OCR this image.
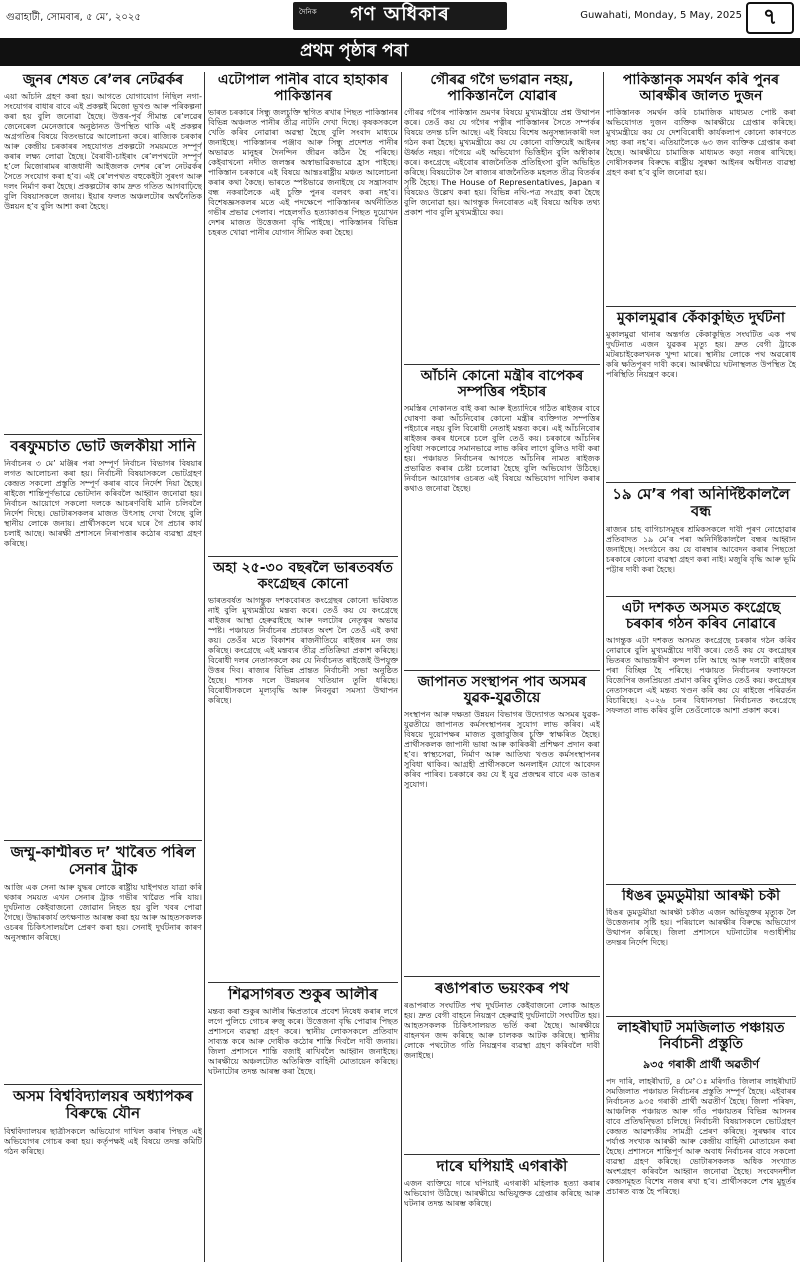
গুৱাহাটী, সোমবাৰ, ৫ মে’, ২০২৫	দৈনিক গণ অধিকাৰ	Guwahati, Monday, 5 May, 2025 ৭
প্ৰথম পৃষ্ঠাৰ পৰা
জুনৰ শেষত ৰে’লৰ নেটৱৰ্কৰ
এয়া আঁচনি গ্ৰহণ কৰা হয়। আগতে যোগাযোগ নিছিল নগা-সংযোগৰ বাধাৰ বাবে এই প্ৰকল্পই মিজো ভূখণ্ড আৰু পৰিকল্পনা কৰা হয় বুলি জনোৱা হৈছে। উত্তৰ-পূৰ্ব সীমান্ত ৰে’লৱেৰ জেনেৰেল মেনেজাৰে অনুষ্ঠানত উপস্থিত থাকি এই প্ৰকল্পৰ অগ্ৰগতিৰ বিষয়ে বিতংভাৱে আলোচনা কৰে। ৰাজ্যিক চৰকাৰ আৰু কেন্দ্ৰীয় চৰকাৰৰ সহযোগত প্ৰকল্পটো সময়মতে সম্পূৰ্ণ কৰাৰ লক্ষ্য লোৱা হৈছে। বৈৰাবী-চাইৰাং ৰে’লপথটো সম্পূৰ্ণ হ’লে মিজোৰামৰ ৰাজধানী আইজলক দেশৰ ৰে’ল নেটৱৰ্কৰ সৈতে সংযোগ কৰা হ’ব। এই ৰে’লপথত বহুকেইটা সুৰংগ আৰু দলং নিৰ্মাণ কৰা হৈছে। প্ৰকল্পটোৰ কাম দ্ৰুত গতিত আগবাঢ়িছে বুলি বিষয়াসকলে জনায়। ইয়াৰ ফলত অঞ্চলটোৰ অৰ্থনৈতিক উন্নয়ন হ’ব বুলি আশা কৰা হৈছে।
বৰফুমচাত ভোট জলকীয়া সানি
নিৰ্বাচনৰ ৩ মে’ মঞ্জিৰ পৰা সম্পূৰ্ণ নিৰ্বাচন বিভাগৰ বিষয়াৰ লগত আলোচনা কৰা হয়। নিৰ্বাচনী বিষয়াসকলে ভোটগ্ৰহণ কেন্দ্ৰত সকলো প্ৰস্তুতি সম্পূৰ্ণ কৰাৰ বাবে নিৰ্দেশ দিয়া হৈছে। ৰাইজে শান্তিপূৰ্ণভাৱে ভোটদান কৰিবলৈ আহ্বান জনোৱা হয়। নিৰ্বাচন আয়োগে সকলো দলকে আচৰণবিধি মানি চলিবলৈ নিৰ্দেশ দিছে। ভোটাৰসকলৰ মাজত উৎসাহ দেখা গৈছে বুলি স্থানীয় লোকে জনায়। প্ৰাৰ্থীসকলে ঘৰে ঘৰে গৈ প্ৰচাৰ কাৰ্য চলাই আছে। আৰক্ষী প্ৰশাসনে নিৰাপত্তাৰ কঠোৰ ব্যৱস্থা গ্ৰহণ কৰিছে।
জম্মু-কাশ্মীৰত দ’ খাৰৈত পৰিল সেনাৰ ট্ৰাক
আজি এক সেনা আৰু যুদ্ধৰ লোকে ৰাষ্ট্ৰীয় ঘাইপথত যাত্ৰা কৰি থকাৰ সময়ত এখন সেনাৰ ট্ৰাক গভীৰ খাৱৈত পৰি যায়। দুৰ্ঘটনাত কেইবাজনো জোৱান নিহত হয় বুলি খবৰ পোৱা গৈছে। উদ্ধাৰকাৰ্য তৎক্ষণাত আৰম্ভ কৰা হয় আৰু আহতসকলক ওচৰৰ চিকিৎসালয়লৈ প্ৰেৰণ কৰা হয়। সেনাই দুৰ্ঘটনাৰ কাৰণ অনুসন্ধান কৰিছে।
অসম বিশ্ববিদ্যালয়ৰ অধ্যাপকৰ বিৰুদ্ধে যৌন
বিশ্ববিদ্যালয়ৰ ছাত্ৰীসকলে অভিযোগ দাখিল কৰাৰ পিছত এই অভিযোগৰ গোচৰ কৰা হয়। কৰ্তৃপক্ষই এই বিষয়ে তদন্ত কমিটি গঠন কৰিছে।
এটোপাল পানীৰ বাবে হাহাকাৰ পাকিস্তানৰ
ভাৰত চৰকাৰে সিন্ধু জলচুক্তি স্থগিত ৰখাৰ পিছত পাকিস্তানৰ বিভিন্ন অঞ্চলত পানীৰ তীব্ৰ নাটনি দেখা দিছে। কৃষকসকলে খেতি কৰিব নোৱাৰা অৱস্থা হৈছে বুলি সংবাদ মাধ্যমে জনাইছে। পাকিস্তানৰ পঞ্জাব আৰু সিন্ধু প্ৰদেশত পানীৰ অভাৱত মানুহৰ দৈনন্দিন জীৱন কঠিন হৈ পৰিছে। কেইবাখনো নদীত জলস্তৰ অস্বাভাৱিকভাৱে হ্ৰাস পাইছে। পাকিস্তান চৰকাৰে এই বিষয়ে আন্তঃৰাষ্ট্ৰীয় মঞ্চত আলোচনা কৰাৰ কথা কৈছে। ভাৰতে স্পষ্টভাৱে জনাইছে যে সন্ত্ৰাসবাদ বন্ধ নকৰালৈকে এই চুক্তি পুনৰ বলবৎ কৰা নহ’ব। বিশেষজ্ঞসকলৰ মতে এই পদক্ষেপে পাকিস্তানৰ অৰ্থনীতিত গভীৰ প্ৰভাৱ পেলাব। পহেলগাঁও হত্যাকাণ্ডৰ পিছত দুয়োখন দেশৰ মাজত উত্তেজনা বৃদ্ধি পাইছে। পাকিস্তানৰ বিভিন্ন চহৰত খোৱা পানীৰ যোগান সীমিত কৰা হৈছে।
অহা ২৫-৩০ বছৰলৈ ভাৰতবৰ্ষত কংগ্ৰেছৰ কোনো
ভাৰতবৰ্ষত আগন্তুক দশকবোৰত কংগ্ৰেছৰ কোনো ভৱিষ্যত নাই বুলি মুখ্যমন্ত্ৰীয়ে মন্তব্য কৰে। তেওঁ কয় যে কংগ্ৰেছে ৰাইজৰ আস্থা হেৰুৱাইছে আৰু দলটোৰ নেতৃত্বৰ অভাৱ স্পষ্ট। পঞ্চায়ত নিৰ্বাচনৰ প্ৰচাৰত অংশ লৈ তেওঁ এই কথা কয়। তেওঁৰ মতে বিকাশৰ ৰাজনীতিয়ে ৰাইজৰ মন জয় কৰিছে। কংগ্ৰেছে এই মন্তব্যৰ তীব্ৰ প্ৰতিক্ৰিয়া প্ৰকাশ কৰিছে। বিৰোধী দলৰ নেতাসকলে কয় যে নিৰ্বাচনত ৰাইজেই উপযুক্ত উত্তৰ দিব। ৰাজ্যৰ বিভিন্ন প্ৰান্তত নিৰ্বাচনী সভা অনুষ্ঠিত হৈছে। শাসক দলে উন্নয়নৰ খতিয়ান তুলি ধৰিছে। বিৰোধীসকলে মূল্যবৃদ্ধি আৰু নিবনুৱা সমস্যা উত্থাপন কৰিছে।
শিৱসাগৰত শুকুৰ আলীৰ
মন্তব্য কৰা শুকুৰ আলীৰ ক্ষিপ্ৰতাৰে প্ৰবেশ নিষেধ কৰাৰ লগে লগে পুলিচে গোচৰ ৰুজু কৰে। উত্তেজনা বৃদ্ধি পোৱাৰ পিছত প্ৰশাসনে ব্যৱস্থা গ্ৰহণ কৰে। স্থানীয় লোকসকলে প্ৰতিবাদ সাব্যস্ত কৰে আৰু দোষীক কঠোৰ শাস্তি দিবলৈ দাবী জনায়। জিলা প্ৰশাসনে শান্তি বজাই ৰাখিবলৈ আহ্বান জনাইছে। আৰক্ষীয়ে অঞ্চলটোত অতিৰিক্ত বাহিনী মোতায়েন কৰিছে। ঘটনাটোৰ তদন্ত আৰম্ভ কৰা হৈছে।
গৌৰৱ গগৈ ভগৱান নহয়, পাকিস্তানলৈ যোৱাৰ
গৌৰৱ গগৈৰ পাকিস্তান ভ্ৰমণৰ বিষয়ে মুখ্যমন্ত্ৰীয়ে প্ৰশ্ন উত্থাপন কৰে। তেওঁ কয় যে গগৈৰ পত্নীৰ পাকিস্তানৰ সৈতে সম্পৰ্কৰ বিষয়ে তদন্ত চলি আছে। এই বিষয়ে বিশেষ অনুসন্ধানকাৰী দল গঠন কৰা হৈছে। মুখ্যমন্ত্ৰীয়ে কয় যে কোনো ব্যক্তিয়েই আইনৰ ঊৰ্ধ্বত নহয়। গগৈয়ে এই অভিযোগ ভিত্তিহীন বুলি অস্বীকাৰ কৰে। কংগ্ৰেছে এইবোৰ ৰাজনৈতিক প্ৰতিহিংসা বুলি অভিহিত কৰিছে। বিষয়টোক লৈ ৰাজ্যৰ ৰাজনৈতিক মহলত তীব্ৰ বিতৰ্কৰ সৃষ্টি হৈছে। The House of Representatives, Japan ৰ বিষয়েও উল্লেখ কৰা হয়। বিভিন্ন নথি-পত্ৰ সংগ্ৰহ কৰা হৈছে বুলি জনোৱা হয়। আগন্তুক দিনবোৰত এই বিষয়ে অধিক তথ্য প্ৰকাশ পাব বুলি মুখ্যমন্ত্ৰীয়ে কয়।
আঁচনি কোনো মন্ত্ৰীৰ বাপেকৰ সম্পত্তিৰ পইচাৰ
সমস্তিৰ দোকানত বাই কৰা আৰু ইত্যাদিৰে গঠিত ৰাইজৰ বাবে ঘোষণা কৰা আঁচনিবোৰ কোনো মন্ত্ৰীৰ ব্যক্তিগত সম্পত্তিৰ পইচাৰে নহয় বুলি বিৰোধী নেতাই মন্তব্য কৰে। এই আঁচনিবোৰ ৰাইজৰ কৰৰ ধনেৰে চলে বুলি তেওঁ কয়। চৰকাৰে আঁচনিৰ সুবিধা সকলোৱে সমানভাৱে লাভ কৰিব লাগে বুলিও দাবী কৰা হয়। পঞ্চায়ত নিৰ্বাচনৰ আগতে আঁচনিৰ নামত ৰাইজক প্ৰভাৱিত কৰাৰ চেষ্টা চলোৱা হৈছে বুলি অভিযোগ উঠিছে। নিৰ্বাচন আয়োগৰ ওচৰত এই বিষয়ে অভিযোগ দাখিল কৰাৰ কথাও জনোৱা হৈছে।
জাপানত সংস্থাপন পাব অসমৰ যুৱক-যুৱতীয়ে
সংস্থাপন আৰু দক্ষতা উন্নয়ন বিভাগৰ উদ্যোগত অসমৰ যুৱক-যুৱতীয়ে জাপানত কৰ্মসংস্থাপনৰ সুযোগ লাভ কৰিব। এই বিষয়ে দুয়োপক্ষৰ মাজত বুজাবুজিৰ চুক্তি স্বাক্ষৰিত হৈছে। প্ৰাৰ্থীসকলক জাপানী ভাষা আৰু কাৰিকৰী প্ৰশিক্ষণ প্ৰদান কৰা হ’ব। স্বাস্থ্যসেৱা, নিৰ্মাণ আৰু আতিথ্য খণ্ডত কৰ্মসংস্থাপনৰ সুবিধা থাকিব। আগ্ৰহী প্ৰাৰ্থীসকলে অনলাইন যোগে আবেদন কৰিব পাৰিব। চৰকাৰে কয় যে ই যুৱ প্ৰজন্মৰ বাবে এক ডাঙৰ সুযোগ।
ৰঙাপৰাত ভয়ংকৰ পথ
ৰঙাপৰাত সংঘটিত পথ দুৰ্ঘটনাত কেইবাজনো লোক আহত হয়। দ্ৰুত বেগী বাহনে নিয়ন্ত্ৰণ হেৰুৱাই দুৰ্ঘটনাটো সংঘটিত হয়। আহতসকলক চিকিৎসালয়ত ভৰ্তি কৰা হৈছে। আৰক্ষীয়ে বাহনখন জব্দ কৰিছে আৰু চালকক আটক কৰিছে। স্থানীয় লোকে পথটোত গতি নিয়ন্ত্ৰণৰ ব্যৱস্থা গ্ৰহণ কৰিবলৈ দাবী জনাইছে।
দাৰে ঘপিয়াই এগৰাকী
এজন ব্যক্তিয়ে দাৰে ঘপিয়াই এগৰাকী মহিলাক হত্যা কৰাৰ অভিযোগ উঠিছে। আৰক্ষীয়ে অভিযুক্তক গ্ৰেপ্তাৰ কৰিছে আৰু ঘটনাৰ তদন্ত আৰম্ভ কৰিছে।
পাকিস্তানক সমৰ্থন কৰি পুনৰ আৰক্ষীৰ জালত দুজন
পাকিস্তানক সমৰ্থন কৰি চামাজিক মাধ্যমত পোষ্ট কৰা অভিযোগত দুজন ব্যক্তিক আৰক্ষীয়ে গ্ৰেপ্তাৰ কৰিছে। মুখ্যমন্ত্ৰীয়ে কয় যে দেশবিৰোধী কাৰ্যকলাপ কোনো কাৰণতে সহ্য কৰা নহ’ব। এতিয়ালৈকে ৬৩ জন ব্যক্তিক গ্ৰেপ্তাৰ কৰা হৈছে। আৰক্ষীয়ে চামাজিক মাধ্যমত কড়া নজৰ ৰাখিছে। দোষীসকলৰ বিৰুদ্ধে ৰাষ্ট্ৰীয় সুৰক্ষা আইনৰ অধীনত ব্যৱস্থা গ্ৰহণ কৰা হ’ব বুলি জনোৱা হয়।
মুকালমুৱাৰ কেঁকাকুছিত দুৰ্ঘটনা
মুকালমুৱা থানাৰ অন্তৰ্গত কেঁকাকুছিত সংঘটিত এক পথ দুৰ্ঘটনাত এজন যুৱকৰ মৃত্যু হয়। দ্ৰুত বেগী ট্ৰাকে মটৰচাইকেলখনক খুন্দা মাৰে। স্থানীয় লোকে পথ অৱৰোধ কৰি ক্ষতিপূৰণ দাবী কৰে। আৰক্ষীয়ে ঘটনাস্থলত উপস্থিত হৈ পৰিস্থিতি নিয়ন্ত্ৰণ কৰে।
১৯ মে’ৰ পৰা অনিৰ্দিষ্টকাললৈ বন্ধ
ৰাজ্যৰ চাহ বাগিচাসমূহৰ শ্ৰমিকসকলে দাবী পূৰণ নোহোৱাৰ প্ৰতিবাদত ১৯ মে’ৰ পৰা অনিৰ্দিষ্টকাললৈ বন্ধৰ আহ্বান জনাইছে। সংগঠনে কয় যে বাৰম্বাৰ আবেদন কৰাৰ পিছতো চৰকাৰে কোনো ব্যৱস্থা গ্ৰহণ কৰা নাই। মজুৰি বৃদ্ধি আৰু ভূমি পট্টাৰ দাবী কৰা হৈছে।
এটা দশকত অসমত কংগ্ৰেছে চৰকাৰ গঠন কৰিব নোৱাৰে
আগন্তুক এটা দশকত অসমত কংগ্ৰেছে চৰকাৰ গঠন কৰিব নোৱাৰে বুলি মুখ্যমন্ত্ৰীয়ে দাবী কৰে। তেওঁ কয় যে কংগ্ৰেছৰ ভিতৰত আভ্যন্তৰীণ কন্দল চলি আছে আৰু দলটো ৰাইজৰ পৰা বিচ্ছিন্ন হৈ পৰিছে। পঞ্চায়ত নিৰ্বাচনৰ ফলাফলে বিজেপিৰ জনপ্ৰিয়তা প্ৰমাণ কৰিব বুলিও তেওঁ কয়। কংগ্ৰেছৰ নেতাসকলে এই মন্তব্য খণ্ডন কৰি কয় যে ৰাইজে পৰিৱৰ্তন বিচাৰিছে। ২০২৬ চনৰ বিধানসভা নিৰ্বাচনত কংগ্ৰেছে সফলতা লাভ কৰিব বুলি তেওঁলোকে আশা প্ৰকাশ কৰে।
ধিঙৰ ডুমডুমীয়া আৰক্ষী চকী
ধিঙৰ ডুমডুমীয়া আৰক্ষী চকীত এজন অভিযুক্তৰ মৃত্যুক লৈ উত্তেজনাৰ সৃষ্টি হয়। পৰিয়ালে আৰক্ষীৰ বিৰুদ্ধে অভিযোগ উত্থাপন কৰিছে। জিলা প্ৰশাসনে ঘটনাটোৰ দণ্ডাধীশীয় তদন্তৰ নিৰ্দেশ দিছে।
লাহৰীঘাট সমজিলাত পঞ্চায়ত নিৰ্বাচনী প্ৰস্তুতি
৯৩৫ গৰাকী প্ৰাৰ্থী অৱতীৰ্ণ
পদ দাৰি, লাহৰীঘাট, ৪ মে’ঃ মৰিগাঁও জিলাৰ লাহৰীঘাট সমজিলাত পঞ্চায়ত নিৰ্বাচনৰ প্ৰস্তুতি সম্পূৰ্ণ হৈছে। এইবাৰৰ নিৰ্বাচনত ৯৩৫ গৰাকী প্ৰাৰ্থী অৱতীৰ্ণ হৈছে। জিলা পৰিষদ, আঞ্চলিক পঞ্চায়ত আৰু গাঁও পঞ্চায়তৰ বিভিন্ন আসনৰ বাবে প্ৰতিদ্বন্দ্বিতা চলিছে। নিৰ্বাচনী বিষয়াসকলে ভোটগ্ৰহণ কেন্দ্ৰত আৱশ্যকীয় সামগ্ৰী প্ৰেৰণ কৰিছে। সুৰক্ষাৰ বাবে পৰ্যাপ্ত সংখ্যক আৰক্ষী আৰু কেন্দ্ৰীয় বাহিনী মোতায়েন কৰা হৈছে। প্ৰশাসনে শান্তিপূৰ্ণ আৰু অবাধ নিৰ্বাচনৰ বাবে সকলো ব্যৱস্থা গ্ৰহণ কৰিছে। ভোটাৰসকলক অধিক সংখ্যাত অংশগ্ৰহণ কৰিবলৈ আহ্বান জনোৱা হৈছে। সংবেদনশীল কেন্দ্ৰসমূহত বিশেষ নজৰ ৰখা হ’ব। প্ৰাৰ্থীসকলে শেষ মুহূৰ্তৰ প্ৰচাৰত ব্যস্ত হৈ পৰিছে।
